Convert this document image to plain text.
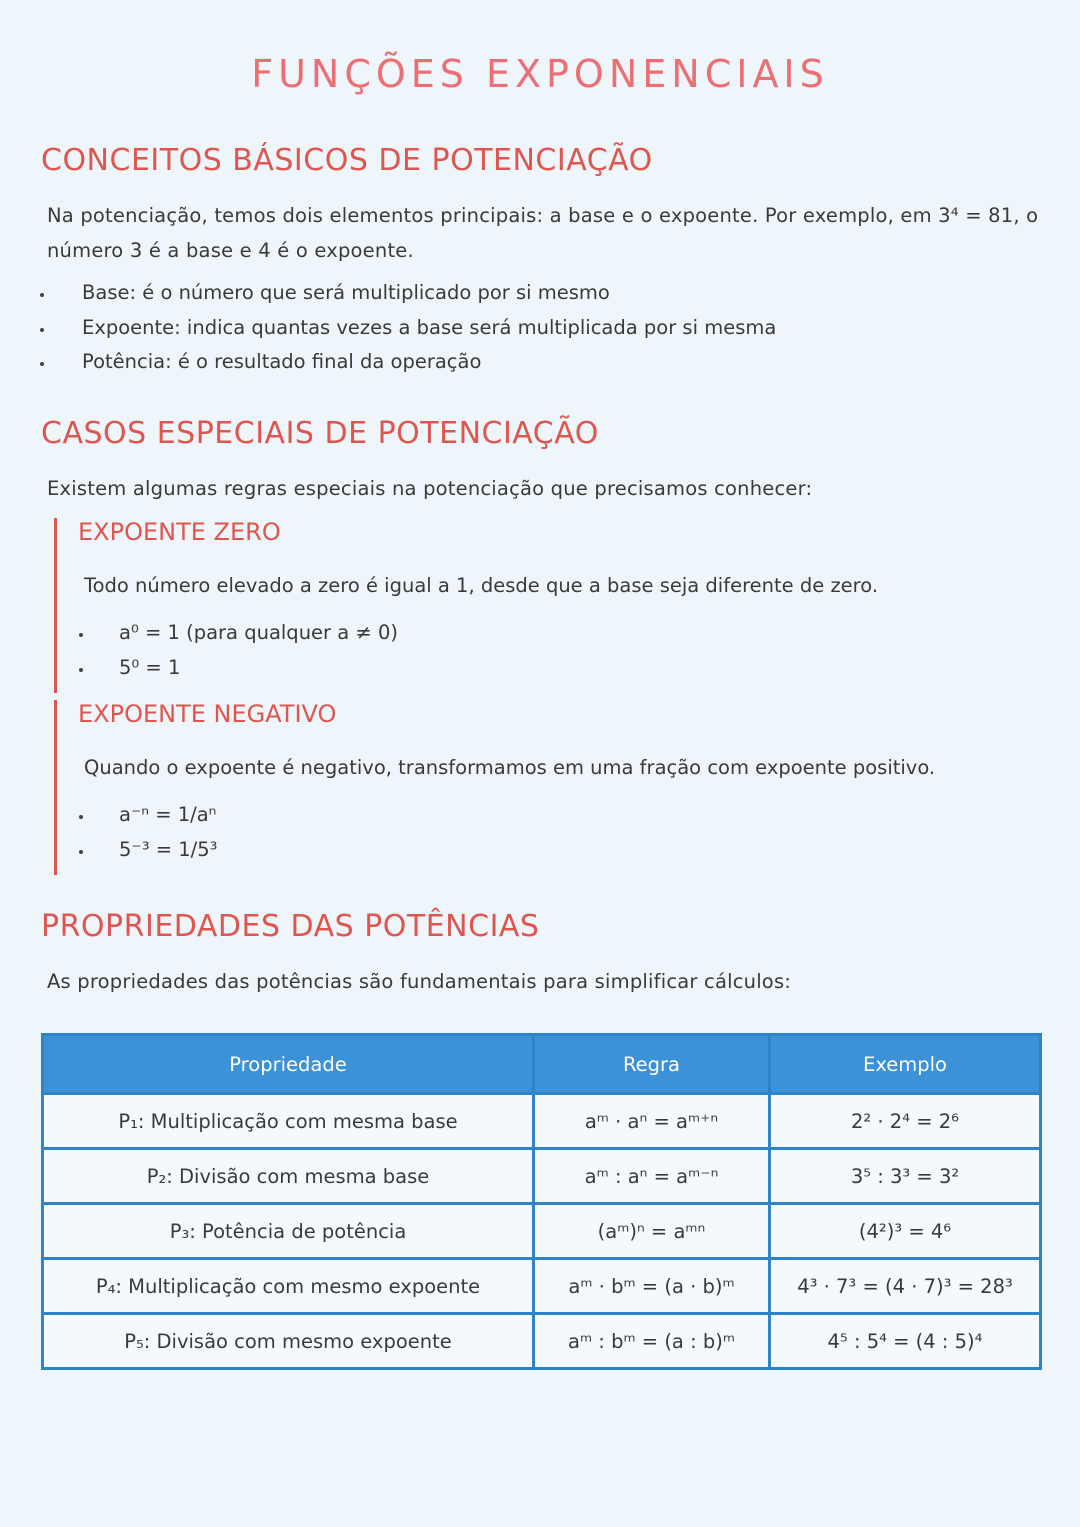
FUNÇÕES EXPONENCIAIS
CONCEITOS BÁSICOS DE POTENCIAÇÃO
Na potenciação, temos dois elementos principais: a base e o expoente. Por exemplo, em 3⁴ = 81, o
número 3 é a base e 4 é o expoente.
Base: é o número que será multiplicado por si mesmo
Expoente: indica quantas vezes a base será multiplicada por si mesma
Potência: é o resultado final da operação
CASOS ESPECIAIS DE POTENCIAÇÃO
Existem algumas regras especiais na potenciação que precisamos conhecer:
EXPOENTE ZERO
Todo número elevado a zero é igual a 1, desde que a base seja diferente de zero.
a⁰ = 1 (para qualquer a ≠ 0)
5⁰ = 1
EXPOENTE NEGATIVO
Quando o expoente é negativo, transformamos em uma fração com expoente positivo.
a⁻ⁿ = 1/aⁿ
5⁻³ = 1/5³
PROPRIEDADES DAS POTÊNCIAS
As propriedades das potências são fundamentais para simplificar cálculos:
Propriedade	Regra	Exemplo
P₁: Multiplicação com mesma base	aᵐ · aⁿ = aᵐ⁺ⁿ	2² · 2⁴ = 2⁶
P₂: Divisão com mesma base	aᵐ : aⁿ = aᵐ⁻ⁿ	3⁵ : 3³ = 3²
P₃: Potência de potência	(aᵐ)ⁿ = aᵐⁿ	(4²)³ = 4⁶
P₄: Multiplicação com mesmo expoente	aᵐ · bᵐ = (a · b)ᵐ	4³ · 7³ = (4 · 7)³ = 28³
P₅: Divisão com mesmo expoente	aᵐ : bᵐ = (a : b)ᵐ	4⁵ : 5⁴ = (4 : 5)⁴
